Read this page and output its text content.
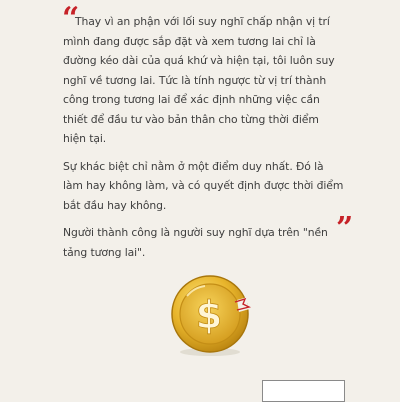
“

Thay vì an phận với lối suy nghĩ chấp nhận vị trí
mình đang được sắp đặt và xem tương lai chỉ là
đường kéo dài của quá khứ và hiện tại, tôi luôn suy
nghĩ về tương lai. Tức là tính ngược từ vị trí thành
công trong tương lai để xác định những việc cần
thiết để đầu tư vào bản thân cho từng thời điểm
hiện tại.

Sự khác biệt chỉ nằm ở một điểm duy nhất. Đó là
làm hay không làm, và có quyết định được thời điểm
bắt đầu hay không.

Người thành công là người suy nghĩ dựa trên "nền
tảng tương lai".

”
$
